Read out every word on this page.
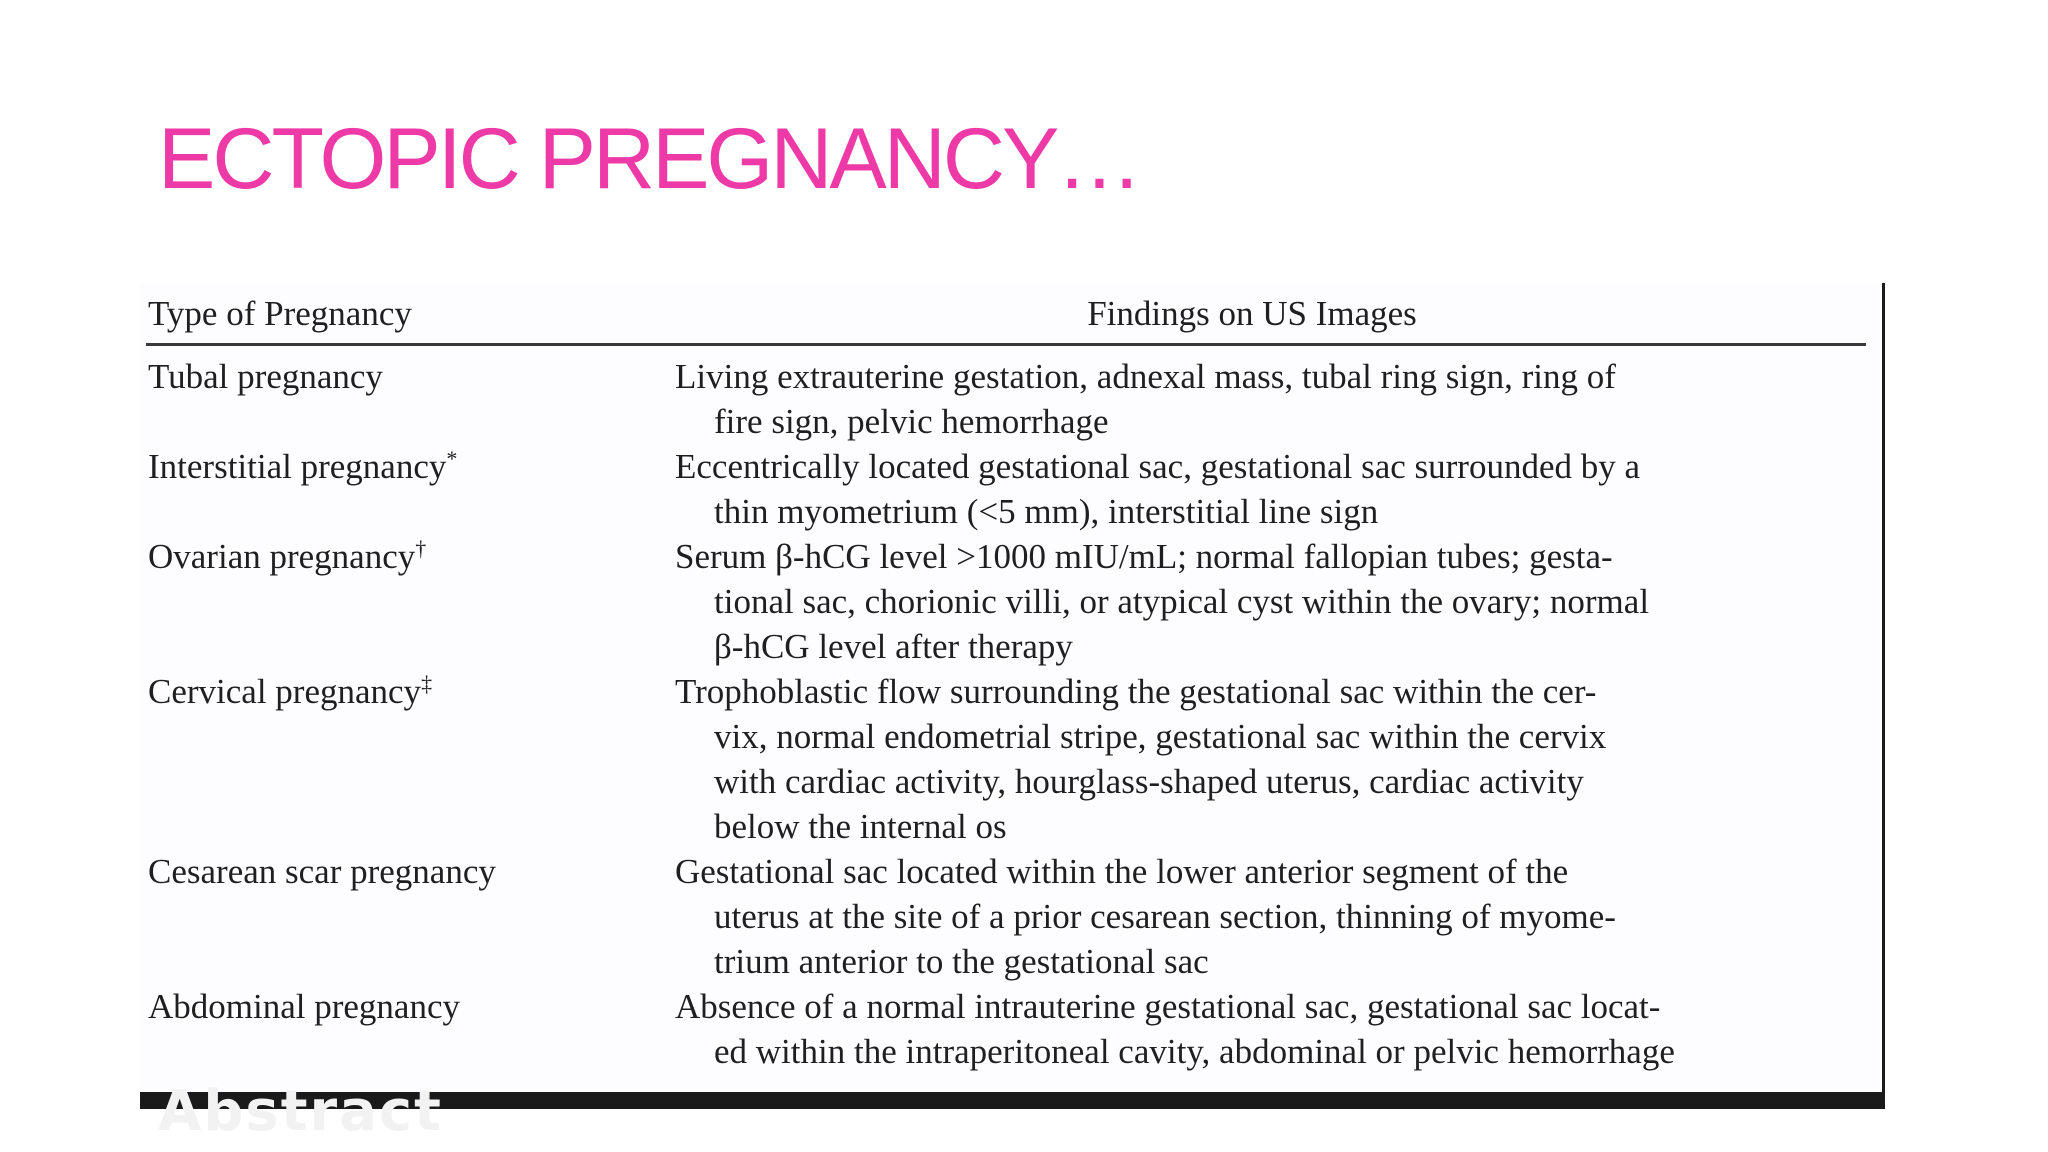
ECTOPIC PREGNANCY…
Type of Pregnancy	Findings on US Images
Tubal pregnancy	Living extrauterine gestation, adnexal mass, tubal ring sign, ring of
fire sign, pelvic hemorrhage
Interstitial pregnancy*	Eccentrically located gestational sac, gestational sac surrounded by a
thin myometrium (<5 mm), interstitial line sign
Ovarian pregnancy†	Serum β-hCG level >1000 mIU/mL; normal fallopian tubes; gesta-
tional sac, chorionic villi, or atypical cyst within the ovary; normal
β-hCG level after therapy
Cervical pregnancy‡	Trophoblastic flow surrounding the gestational sac within the cer-
vix, normal endometrial stripe, gestational sac within the cervix
with cardiac activity, hourglass-shaped uterus, cardiac activity
below the internal os
Cesarean scar pregnancy	Gestational sac located within the lower anterior segment of the
uterus at the site of a prior cesarean section, thinning of myome-
trium anterior to the gestational sac
Abdominal pregnancy	Absence of a normal intrauterine gestational sac, gestational sac locat-
ed within the intraperitoneal cavity, abdominal or pelvic hemorrhage
Abstract
